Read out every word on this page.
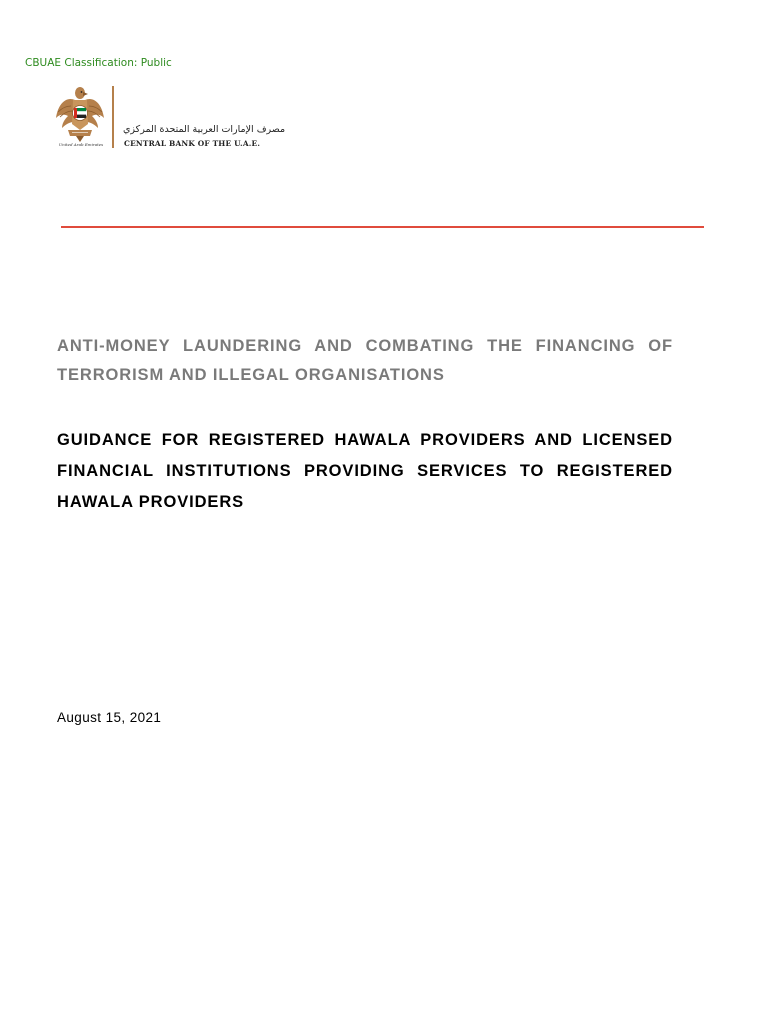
CBUAE Classification: Public
United Arab Emirates
مصرف الإمارات العربية المتحدة المركزي
CENTRAL BANK OF THE U.A.E.
ANTI-MONEY LAUNDERING AND COMBATING THE FINANCING OF TERRORISM AND ILLEGAL ORGANISATIONS
GUIDANCE FOR REGISTERED HAWALA PROVIDERS AND LICENSED FINANCIAL INSTITUTIONS PROVIDING SERVICES TO REGISTERED HAWALA PROVIDERS
August 15, 2021
